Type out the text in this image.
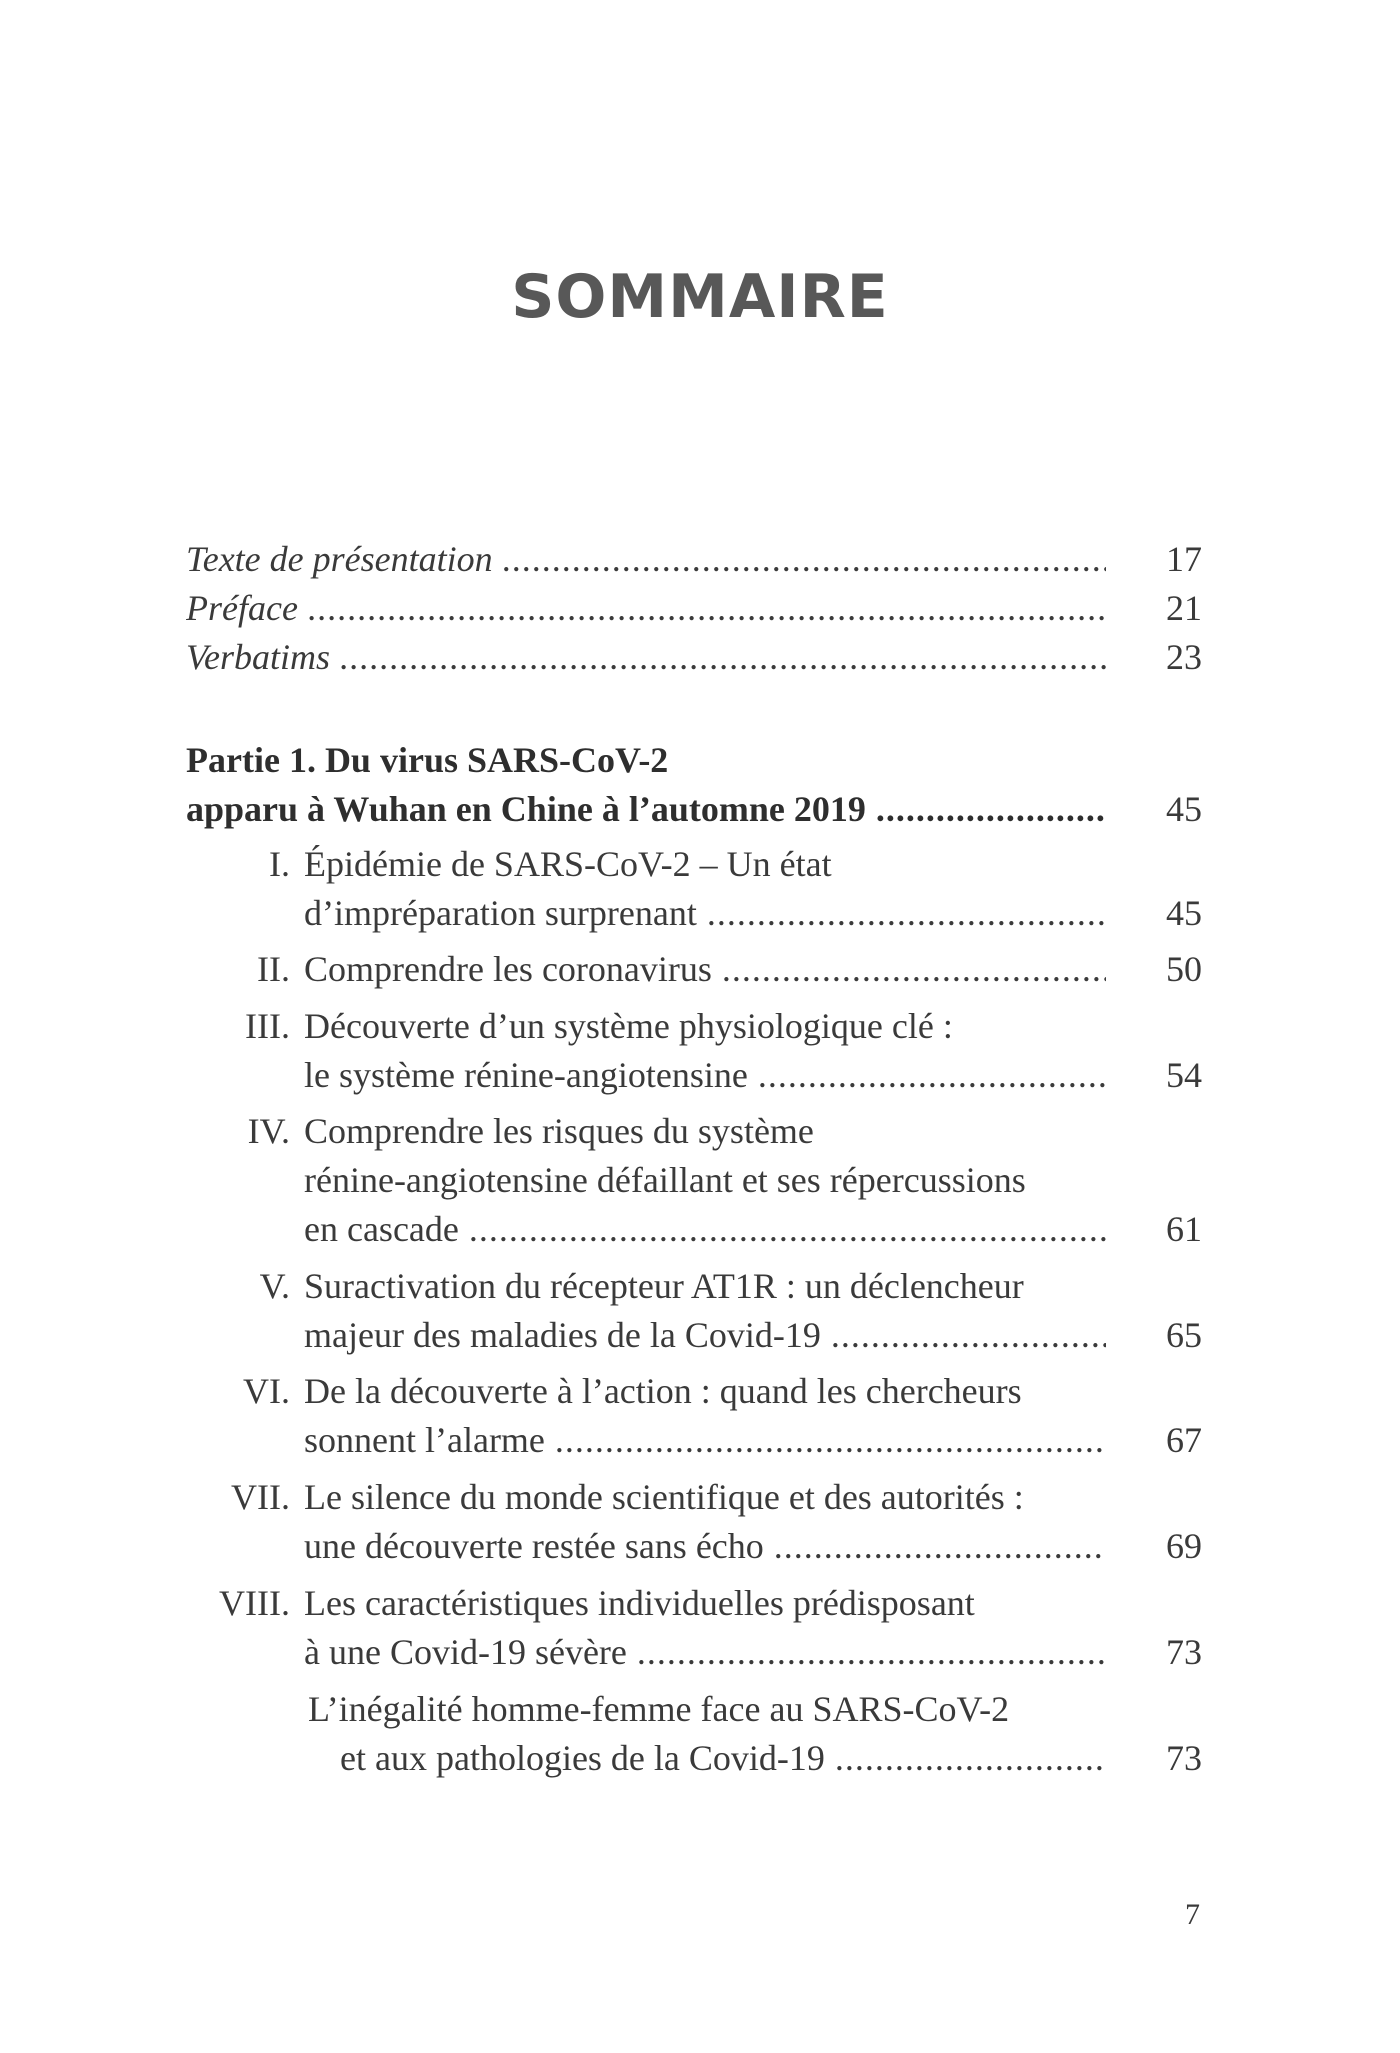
SOMMAIRE
Texte de présentation .....	17
Préface .....	21
Verbatims .....	23
Partie 1. Du virus SARS-CoV-2
apparu à Wuhan en Chine à l’automne 2019 .....	45
I. Épidémie de SARS-CoV-2 – Un état
d’impréparation surprenant .....	45
II. Comprendre les coronavirus .....	50
III. Découverte d’un système physiologique clé :
le système rénine-angiotensine .....	54
IV. Comprendre les risques du système
rénine-angiotensine défaillant et ses répercussions
en cascade .....	61
V. Suractivation du récepteur AT1R : un déclencheur
majeur des maladies de la Covid-19 .....	65
VI. De la découverte à l’action : quand les chercheurs
sonnent l’alarme .....	67
VII. Le silence du monde scientifique et des autorités :
une découverte restée sans écho .....	69
VIII. Les caractéristiques individuelles prédisposant
à une Covid-19 sévère .....	73
L’inégalité homme-femme face au SARS-CoV-2
et aux pathologies de la Covid-19 .....	73
7
